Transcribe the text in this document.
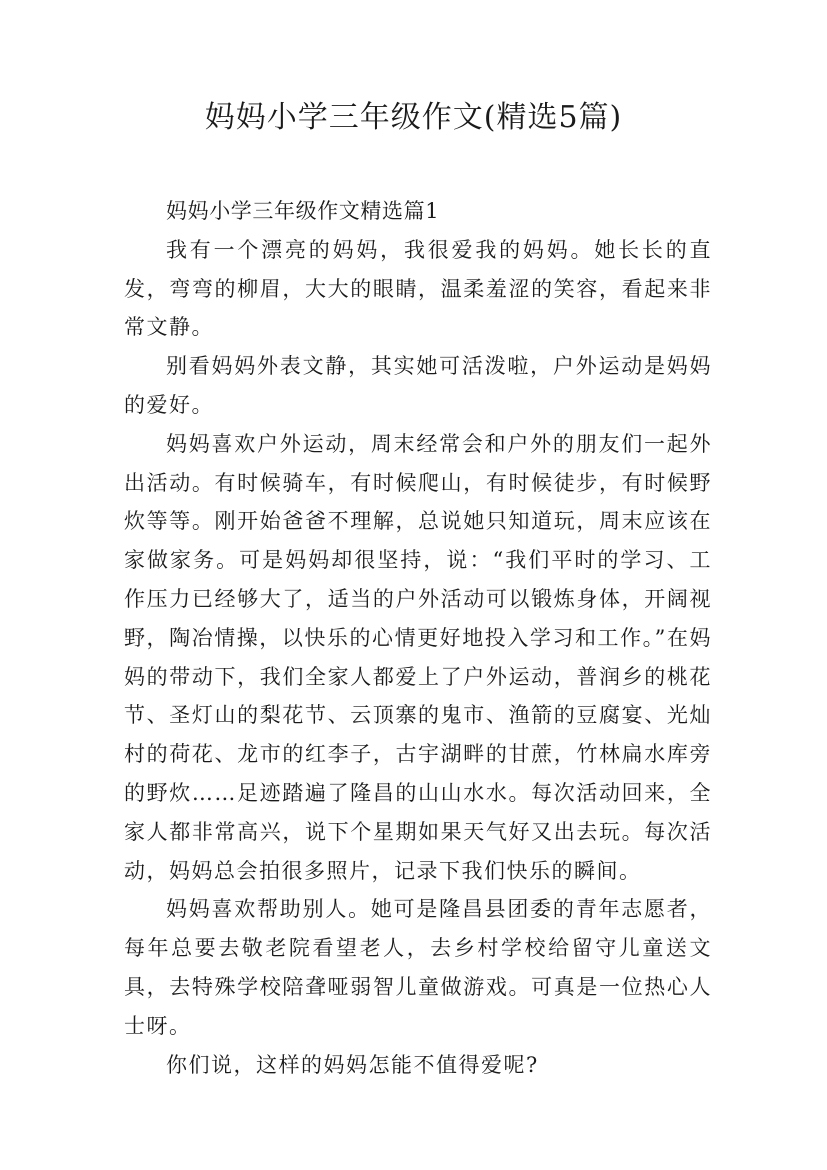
妈妈小学三年级作文(精选5篇)

妈妈小学三年级作文精选篇1

我有一个漂亮的妈妈，我很爱我的妈妈。她长长的直发，弯弯的柳眉，大大的眼睛，温柔羞涩的笑容，看起来非常文静。

别看妈妈外表文静，其实她可活泼啦，户外运动是妈妈的爱好。

妈妈喜欢户外运动，周末经常会和户外的朋友们一起外出活动。有时候骑车，有时候爬山，有时候徒步，有时候野炊等等。刚开始爸爸不理解，总说她只知道玩，周末应该在家做家务。可是妈妈却很坚持，说：“我们平时的学习、工作压力已经够大了，适当的户外活动可以锻炼身体，开阔视野，陶冶情操，以快乐的心情更好地投入学习和工作。”在妈妈的带动下，我们全家人都爱上了户外运动，普润乡的桃花节、圣灯山的梨花节、云顶寨的鬼市、渔箭的豆腐宴、光灿村的荷花、龙市的红李子，古宇湖畔的甘蔗，竹林扁水库旁的野炊……足迹踏遍了隆昌的山山水水。每次活动回来，全家人都非常高兴，说下个星期如果天气好又出去玩。每次活动，妈妈总会拍很多照片，记录下我们快乐的瞬间。

妈妈喜欢帮助别人。她可是隆昌县团委的青年志愿者，每年总要去敬老院看望老人，去乡村学校给留守儿童送文具，去特殊学校陪聋哑弱智儿童做游戏。可真是一位热心人士呀。

你们说，这样的妈妈怎能不值得爱呢?
